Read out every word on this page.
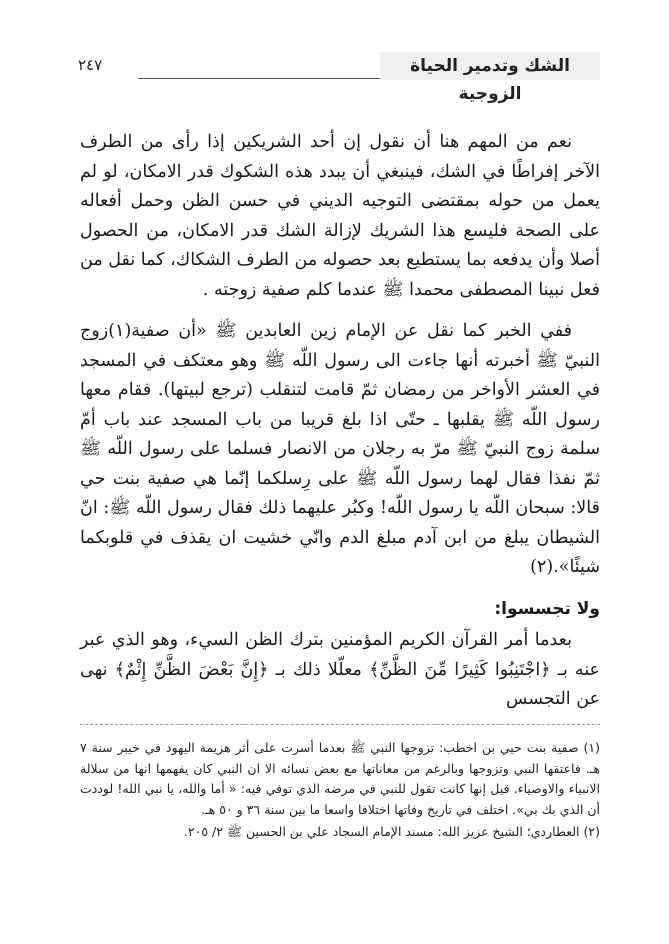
الشك وتدمير الحياة الزوجية
٢٤٧

نعم من المهم هنا أن نقول إن أحد الشريكين إذا رأى من الطرف الآخر إفراطًا في الشك، فينبغي أن يبدد هذه الشكوك قدر الامكان، لو لم يعمل من حوله بمقتضى التوجيه الديني في حسن الظن وحمل أفعاله على الصحة فليسع هذا الشريك لإزالة الشك قدر الامكان، من الحصول أصلا وأن يدفعه بما يستطيع بعد حصوله من الطرف الشكاك، كما نقل من فعل نبينا المصطفى محمدا ﷺ عندما كلم صفية زوجته .

ففي الخبر كما نقل عن الإمام زين العابدين ﷺ «أن صفية(١)زوج النبيّ ﷺ أخبرته أنها جاءت الى رسول اللّه ﷺ وهو معتكف في المسجد في العشر الأواخر من رمضان ثمّ قامت لتنقلب (ترجع لبيتها). فقام معها رسول اللّه ﷺ يقلبها ـ حتّى اذا بلغ قريبا من باب المسجد عند باب أمّ سلمة زوج النبيّ ﷺ مرّ به رجلان من الانصار فسلما على رسول اللّه ﷺ ثمّ نفذا فقال لهما رسول اللّه ﷺ على رِسلكما إنّما هي صفية بنت حي قالا: سبحان اللّه يا رسول اللّه! وكبُر عليهما ذلك فقال رسول اللّه ﷺ: انّ الشيطان يبلغ من ابن آدم مبلغ الدم وانّي خشيت ان يقذف في قلوبكما شيئًا».(٢)

ولا تجسسوا:

بعدما أمر القرآن الكريم المؤمنين بترك الظن السيء، وهو الذي عبر عنه بـ ﴿اجْتَنِبُوا كَثِيرًا مِّنَ الظَّنِّ﴾ معلّلا ذلك بـ ﴿إِنَّ بَعْضَ الظَّنِّ إِثْمٌ﴾ نهى عن التجسس

(١) صفية بنت حيي بن اخطب: تزوجها النبي ﷺ بعدما أسرت على أثر هزيمة اليهود في خيبر سنة ٧ هـ. فاعتقها النبي وتزوجها وبالرغم من معاناتها مع بعض نسائه الا ان النبي كان يفهمها انها من سلالة الانبياء والاوصياء. قيل إنها كانت تقول للنبي في مرضه الذي توفي فيه: « أما والله، يا نبي الله! لوددت أن الذي بك بي». اختلف في تاريخ وفاتها اختلافا واسعا ما بين سنة ٣٦ و ٥٠ هـ.

(٢) العطاردي؛ الشيخ عزيز الله: مسند الإمام السجاد علي بن الحسين ﷺ ٢/ ٢٠٥.
